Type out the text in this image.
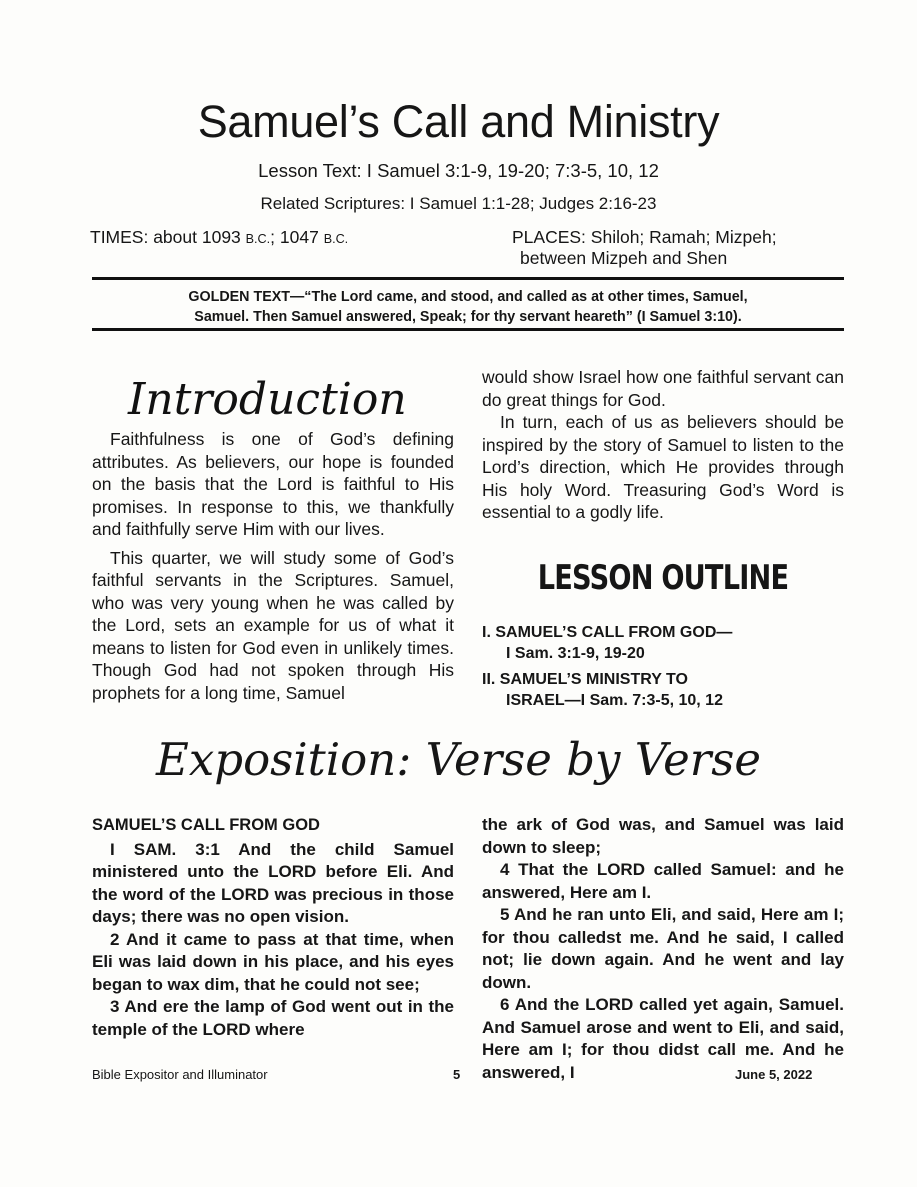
Samuel’s Call and Ministry
Lesson Text: I Samuel 3:1-9, 19-20; 7:3-5, 10, 12
Related Scriptures: I Samuel 1:1-28; Judges 2:16-23
TIMES: about 1093 B.C.; 1047 B.C.	PLACES: Shiloh; Ramah; Mizpeh;
between Mizpeh and Shen
GOLDEN TEXT—“The Lord came, and stood, and called as at other times, Samuel,
Samuel. Then Samuel answered, Speak; for thy servant heareth” (I Samuel 3:10).
Introduction

Faithfulness is one of God’s defining attributes. As believers, our hope is founded on the basis that the Lord is faithful to His promises. In response to this, we thankfully and faithfully serve Him with our lives.

This quarter, we will study some of God’s faithful servants in the Scriptures. Samuel, who was very young when he was called by the Lord, sets an example for us of what it means to listen for God even in unlikely times. Though God had not spoken through His prophets for a long time, Samuel

would show Israel how one faithful servant can do great things for God.

In turn, each of us as believers should be inspired by the story of Samuel to listen to the Lord’s direction, which He provides through His holy Word. Treasuring God’s Word is essential to a godly life.

LESSON OUTLINE
I. SAMUEL’S CALL FROM GOD—
I Sam. 3:1-9, 19-20
II. SAMUEL’S MINISTRY TO
ISRAEL—I Sam. 7:3-5, 10, 12
Exposition: Verse by Verse
SAMUEL’S CALL FROM GOD

I SAM. 3:1 And the child Samuel ministered unto the LORD before Eli. And the word of the LORD was precious in those days; there was no open vision.

2 And it came to pass at that time, when Eli was laid down in his place, and his eyes began to wax dim, that he could not see;

3 And ere the lamp of God went out in the temple of the LORD where

the ark of God was, and Samuel was laid down to sleep;

4 That the LORD called Samuel: and he answered, Here am I.

5 And he ran unto Eli, and said, Here am I; for thou calledst me. And he said, I called not; lie down again. And he went and lay down.

6 And the LORD called yet again, Samuel. And Samuel arose and went to Eli, and said, Here am I; for thou didst call me. And he answered, I

Bible Expositor and Illuminator	5	June 5, 2022
